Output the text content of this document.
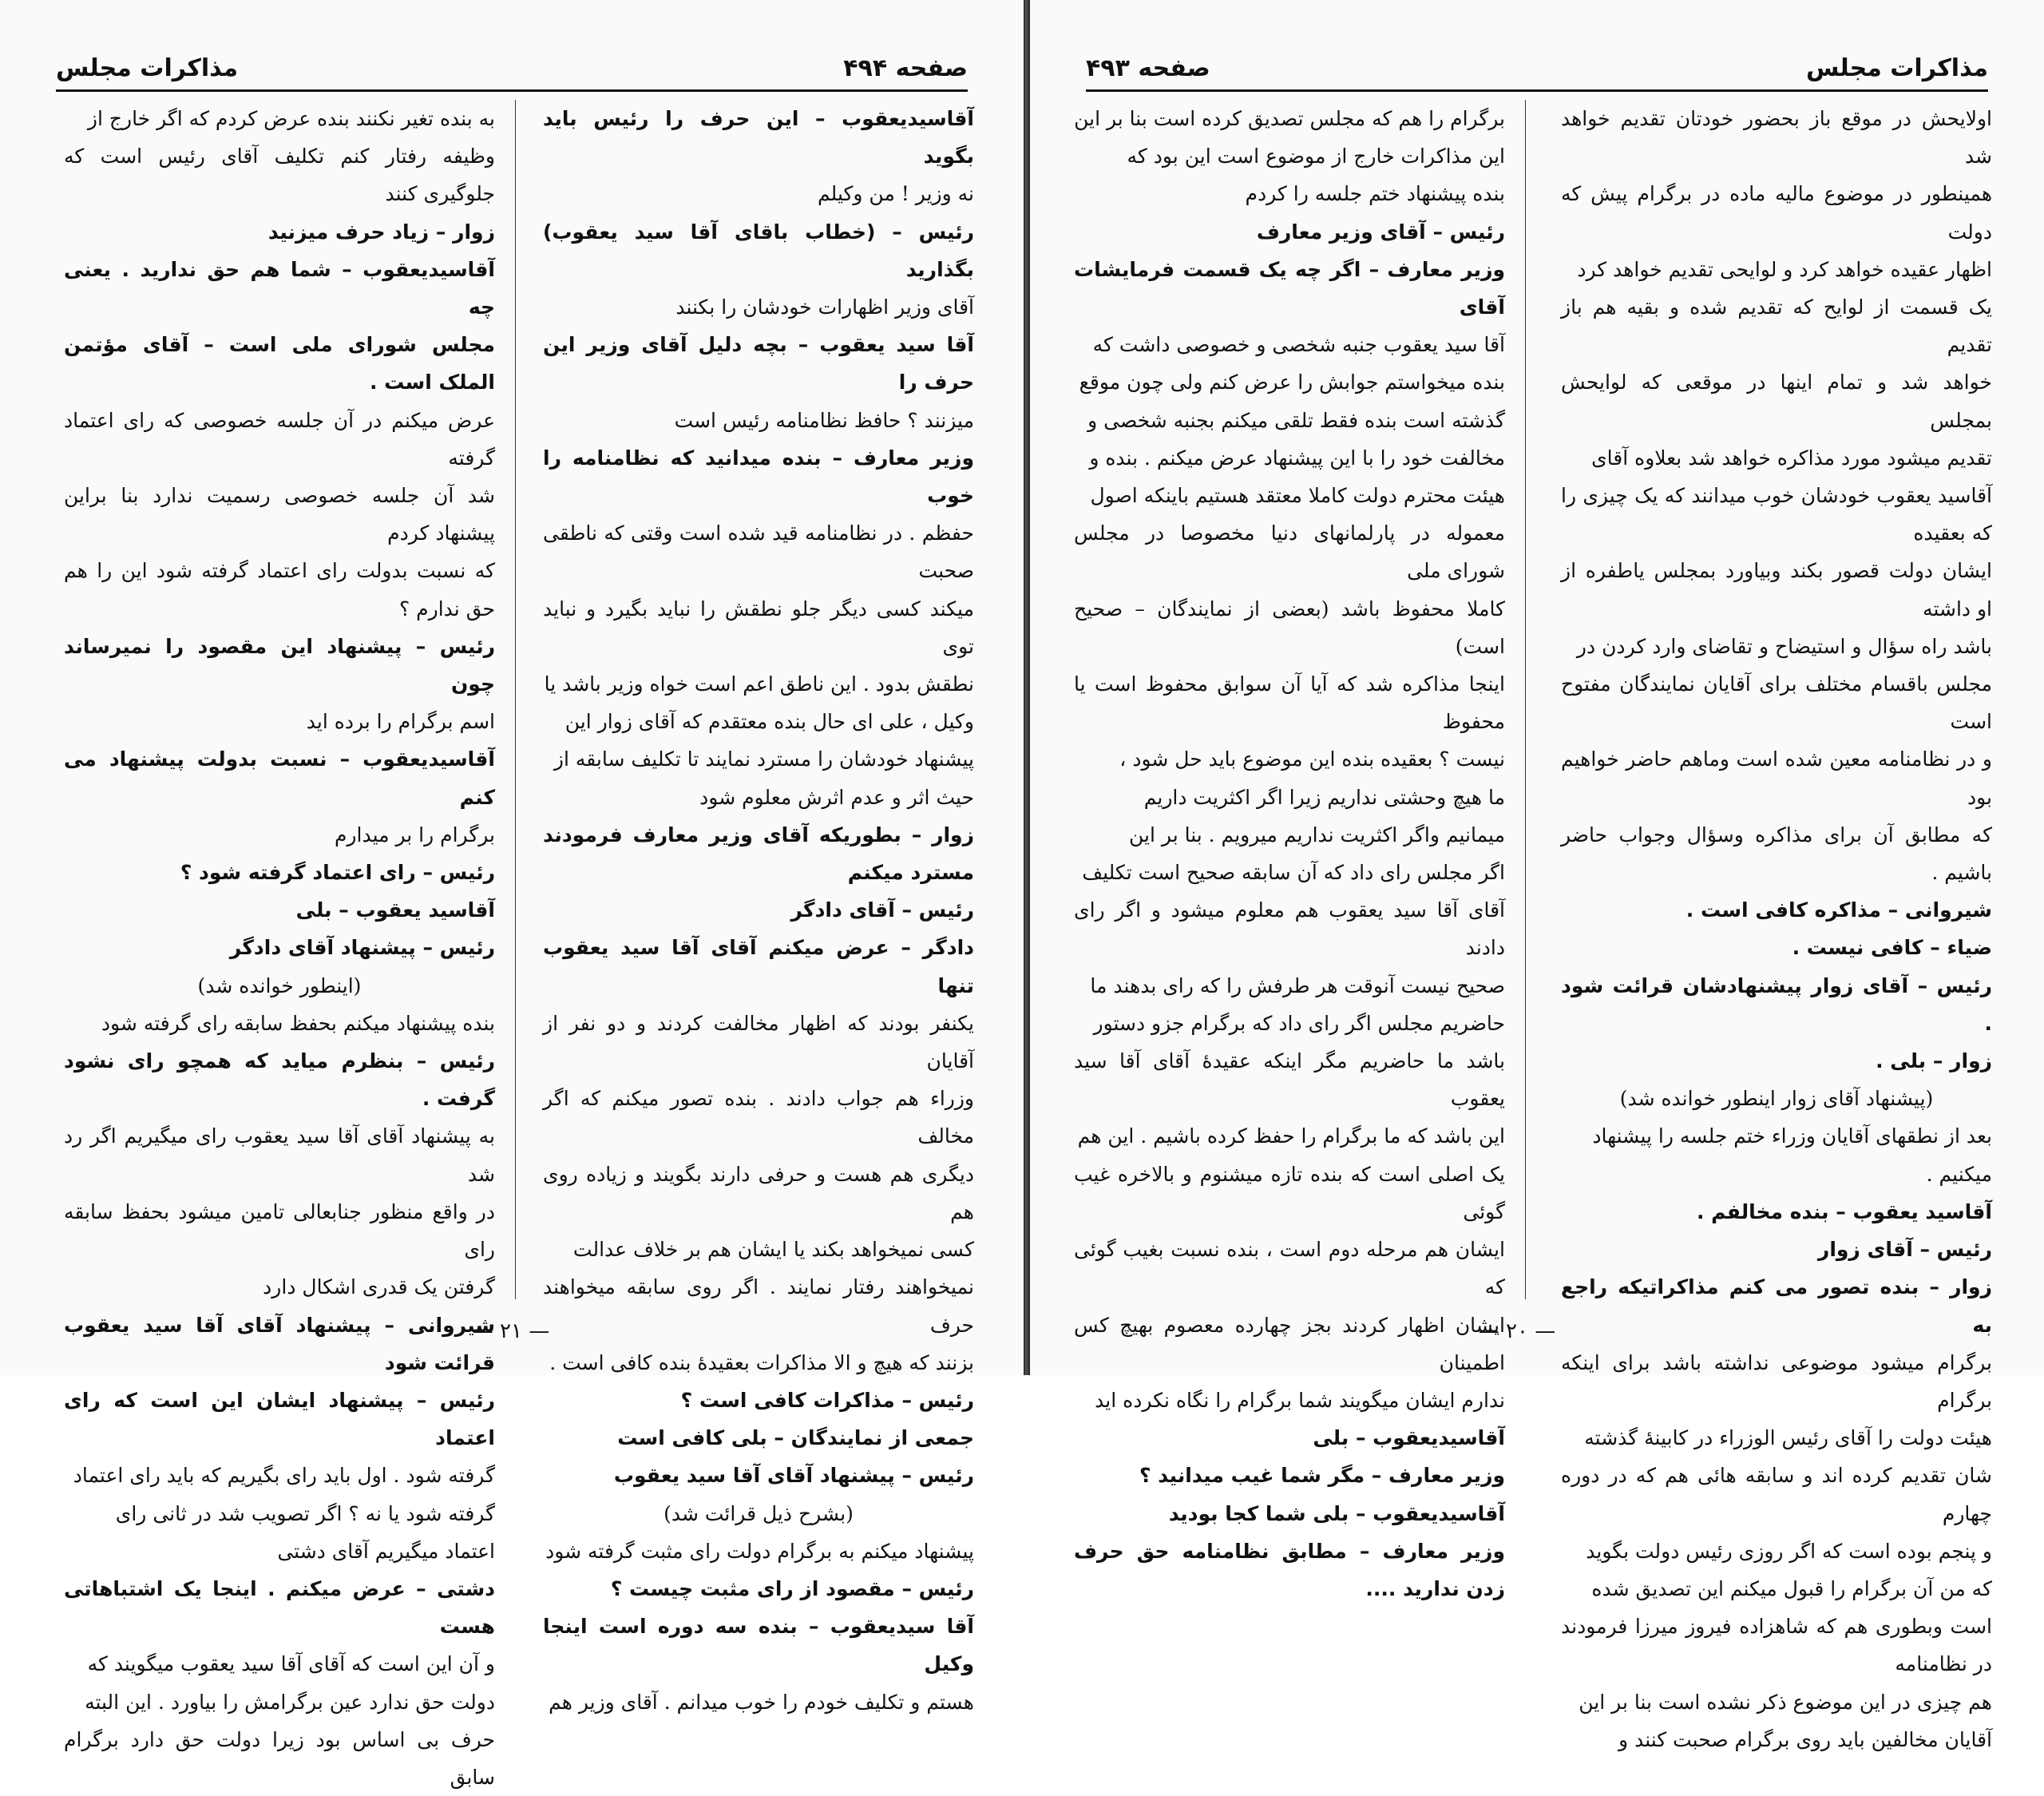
صفحه ۴۹۴
مذاکرات مجلس

آقاسیدیعقوب – این حرف را رئیس باید بگوید

نه وزیر ! من وکیلم

رئیس – (خطاب باقای آقا سید یعقوب) بگذارید

آقای وزیر اظهارات خودشان را بکنند

آقا سید یعقوب – بچه دلیل آقای وزیر این حرف را

میزنند ؟ حافظ نظامنامه رئیس است

وزیر معارف – بنده میدانید که نظامنامه را خوب

حفظم . در نظامنامه قید شده است وقتی که ناطقی صحبت

میکند کسی دیگر جلو نطقش را نباید بگیرد و نباید توی

نطقش بدود . این ناطق اعم است خواه وزیر باشد یا

وکیل ، علی ای حال بنده معتقدم که آقای زوار این

پیشنهاد خودشان را مسترد نمایند تا تکلیف سابقه از

حیث اثر و عدم اثرش معلوم شود

زوار – بطوریکه آقای وزیر معارف فرمودند مسترد میکنم

رئیس – آقای دادگر

دادگر – عرض میکنم آقای آقا سید یعقوب تنها

یکنفر بودند که اظهار مخالفت کردند و دو نفر از آقایان

وزراء هم جواب دادند . بنده تصور میکنم که اگر مخالف

دیگری هم هست و حرفی دارند بگویند و زیاده روی هم

کسی نمیخواهد بکند یا ایشان هم بر خلاف عدالت

نمیخواهند رفتار نمایند . اگر روی سابقه میخواهند حرف

بزنند که هیچ و الا مذاکرات بعقیدهٔ بنده کافی است .

رئیس – مذاکرات کافی است ؟

جمعی از نمایندگان – بلی کافی است

رئیس – پیشنهاد آقای آقا سید یعقوب

(بشرح ذیل قرائت شد)

پیشنهاد میکنم به برگرام دولت رای مثبت گرفته شود

رئیس – مقصود از رای مثبت چیست ؟

آقا سیدیعقوب – بنده سه دوره است اینجا وکیل

هستم و تکلیف خودم را خوب میدانم . آقای وزیر هم

به بنده تغیر نکنند بنده عرض کردم که اگر خارج از

وظیفه رفتار کنم تکلیف آقای رئیس است که جلوگیری کنند

زوار – زیاد حرف میزنید

آقاسیدیعقوب – شما هم حق ندارید . یعنی چه

مجلس شورای ملی است – آقای مؤتمن الملک است .

عرض میکنم در آن جلسه خصوصی که رای اعتماد گرفته

شد آن جلسه خصوصی رسمیت ندارد بنا براین پیشنهاد کردم

که نسبت بدولت رای اعتماد گرفته شود این را هم حق ندارم ؟

رئیس – پیشنهاد این مقصود را نمیرساند چون

اسم برگرام را برده اید

آقاسیدیعقوب – نسبت بدولت پیشنهاد می کنم

برگرام را بر میدارم

رئیس – رای اعتماد گرفته شود ؟

آقاسید یعقوب – بلی

رئیس – پیشنهاد آقای دادگر

(اینطور خوانده شد)

بنده پیشنهاد میکنم بحفظ سابقه رای گرفته شود

رئیس – بنظرم میاید که همچو رای نشود گرفت .

به پیشنهاد آقای آقا سید یعقوب رای میگیریم اگر رد شد

در واقع منظور جنابعالی تامین میشود بحفظ سابقه رای

گرفتن یک قدری اشکال دارد

شیروانی – پیشنهاد آقای آقا سید یعقوب قرائت شود

رئیس – پیشنهاد ایشان این است که رای اعتماد

گرفته شود . اول باید رای بگیریم که باید رای اعتماد

گرفته شود یا نه ؟ اگر تصویب شد در ثانی رای

اعتماد میگیریم آقای دشتی

دشتی – عرض میکنم . اینجا یک اشتباهاتی هست

و آن این است که آقای آقا سید یعقوب میگویند که

دولت حق ندارد عین برگرامش را بیاورد . این البته

حرف بی اساس بود زیرا دولت حق دارد برگرام سابق

— ۲۱ —
مذاکرات مجلس
صفحه ۴۹۳

اولایحش در موقع باز بحضور خودتان تقدیم خواهد شد

همینطور در موضوع مالیه ماده در برگرام پیش که دولت

اظهار عقیده خواهد کرد و لوایحی تقدیم خواهد کرد

یک قسمت از لوایح که تقدیم شده و بقیه هم باز تقدیم

خواهد شد و تمام اینها در موقعی که لوایحش بمجلس

تقدیم میشود مورد مذاکره خواهد شد بعلاوه آقای

آقاسید یعقوب خودشان خوب میدانند که یک چیزی را که بعقیده

ایشان دولت قصور بکند وبیاورد بمجلس یاطفره از او داشته

باشد راه سؤال و استیضاح و تقاضای وارد کردن در

مجلس باقسام مختلف برای آقایان نمایندگان مفتوح است

و در نظامنامه معین شده است وماهم حاضر خواهیم بود

که مطابق آن برای مذاکره وسؤال وجواب حاضر باشیم .

شیروانی – مذاکره کافی است .

ضیاء – کافی نیست .

رئیس – آقای زوار پیشنهادشان قرائت شود .

زوار – بلی .

(پیشنهاد آقای زوار اینطور خوانده شد)

بعد از نطقهای آقایان وزراء ختم جلسه را پیشنهاد

میکنیم .

آقاسید یعقوب – بنده مخالفم .

رئیس – آقای زوار

زوار – بنده تصور می کنم مذاکراتیکه راجع به

برگرام میشود موضوعی نداشته باشد برای اینکه برگرام

هیئت دولت را آقای رئیس الوزراء در کابینهٔ گذشته

شان تقدیم کرده اند و سابقه هائی هم که در دوره چهارم

و پنجم بوده است که اگر روزی رئیس دولت بگوید

که من آن برگرام را قبول میکنم این تصدیق شده

است وبطوری هم که شاهزاده فیروز میرزا فرمودند در نظامنامه

هم چیزی در این موضوع ذکر نشده است بنا بر این

آقایان مخالفین باید روی برگرام صحبت کنند و

برگرام را هم که مجلس تصدیق کرده است بنا بر این

این مذاکرات خارج از موضوع است این بود که

بنده پیشنهاد ختم جلسه را کردم

رئیس – آقای وزیر معارف

وزیر معارف – اگر چه یک قسمت فرمایشات آقای

آقا سید یعقوب جنبه شخصی و خصوصی داشت که

بنده میخواستم جوابش را عرض کنم ولی چون موقع

گذشته است بنده فقط تلقی میکنم بجنبه شخصی و

مخالفت خود را با این پیشنهاد عرض میکنم . بنده و

هیئت محترم دولت کاملا معتقد هستیم باینکه اصول

معموله در پارلمانهای دنیا مخصوصا در مجلس شورای ملی

کاملا محفوظ باشد (بعضی از نمایندگان – صحیح است)

اینجا مذاکره شد که آیا آن سوابق محفوظ است یا محفوظ

نیست ؟ بعقیده بنده این موضوع باید حل شود ،

ما هیچ وحشتی نداریم زیرا اگر اکثریت داریم

میمانیم واگر اکثریت نداریم میرویم . بنا بر این

اگر مجلس رای داد که آن سابقه صحیح است تکلیف

آقای آقا سید یعقوب هم معلوم میشود و اگر رای دادند

صحیح نیست آنوقت هر طرفش را که رای بدهند ما

حاضریم مجلس اگر رای داد که برگرام جزو دستور

باشد ما حاضریم مگر اینکه عقیدهٔ آقای آقا سید یعقوب

این باشد که ما برگرام را حفظ کرده باشیم . این هم

یک اصلی است که بنده تازه میشنوم و بالاخره غیب گوئی

ایشان هم مرحله دوم است ، بنده نسبت بغیب گوئی که

ایشان اظهار کردند بجز چهارده معصوم بهیچ کس اطمینان

ندارم ایشان میگویند شما برگرام را نگاه نکرده اید

آقاسیدیعقوب – بلی

وزیر معارف – مگر شما غیب میدانید ؟

آقاسیدیعقوب – بلی شما کجا بودید

وزیر معارف – مطابق نظامنامه حق حرف زدن ندارید ....

— ۲۰ —
